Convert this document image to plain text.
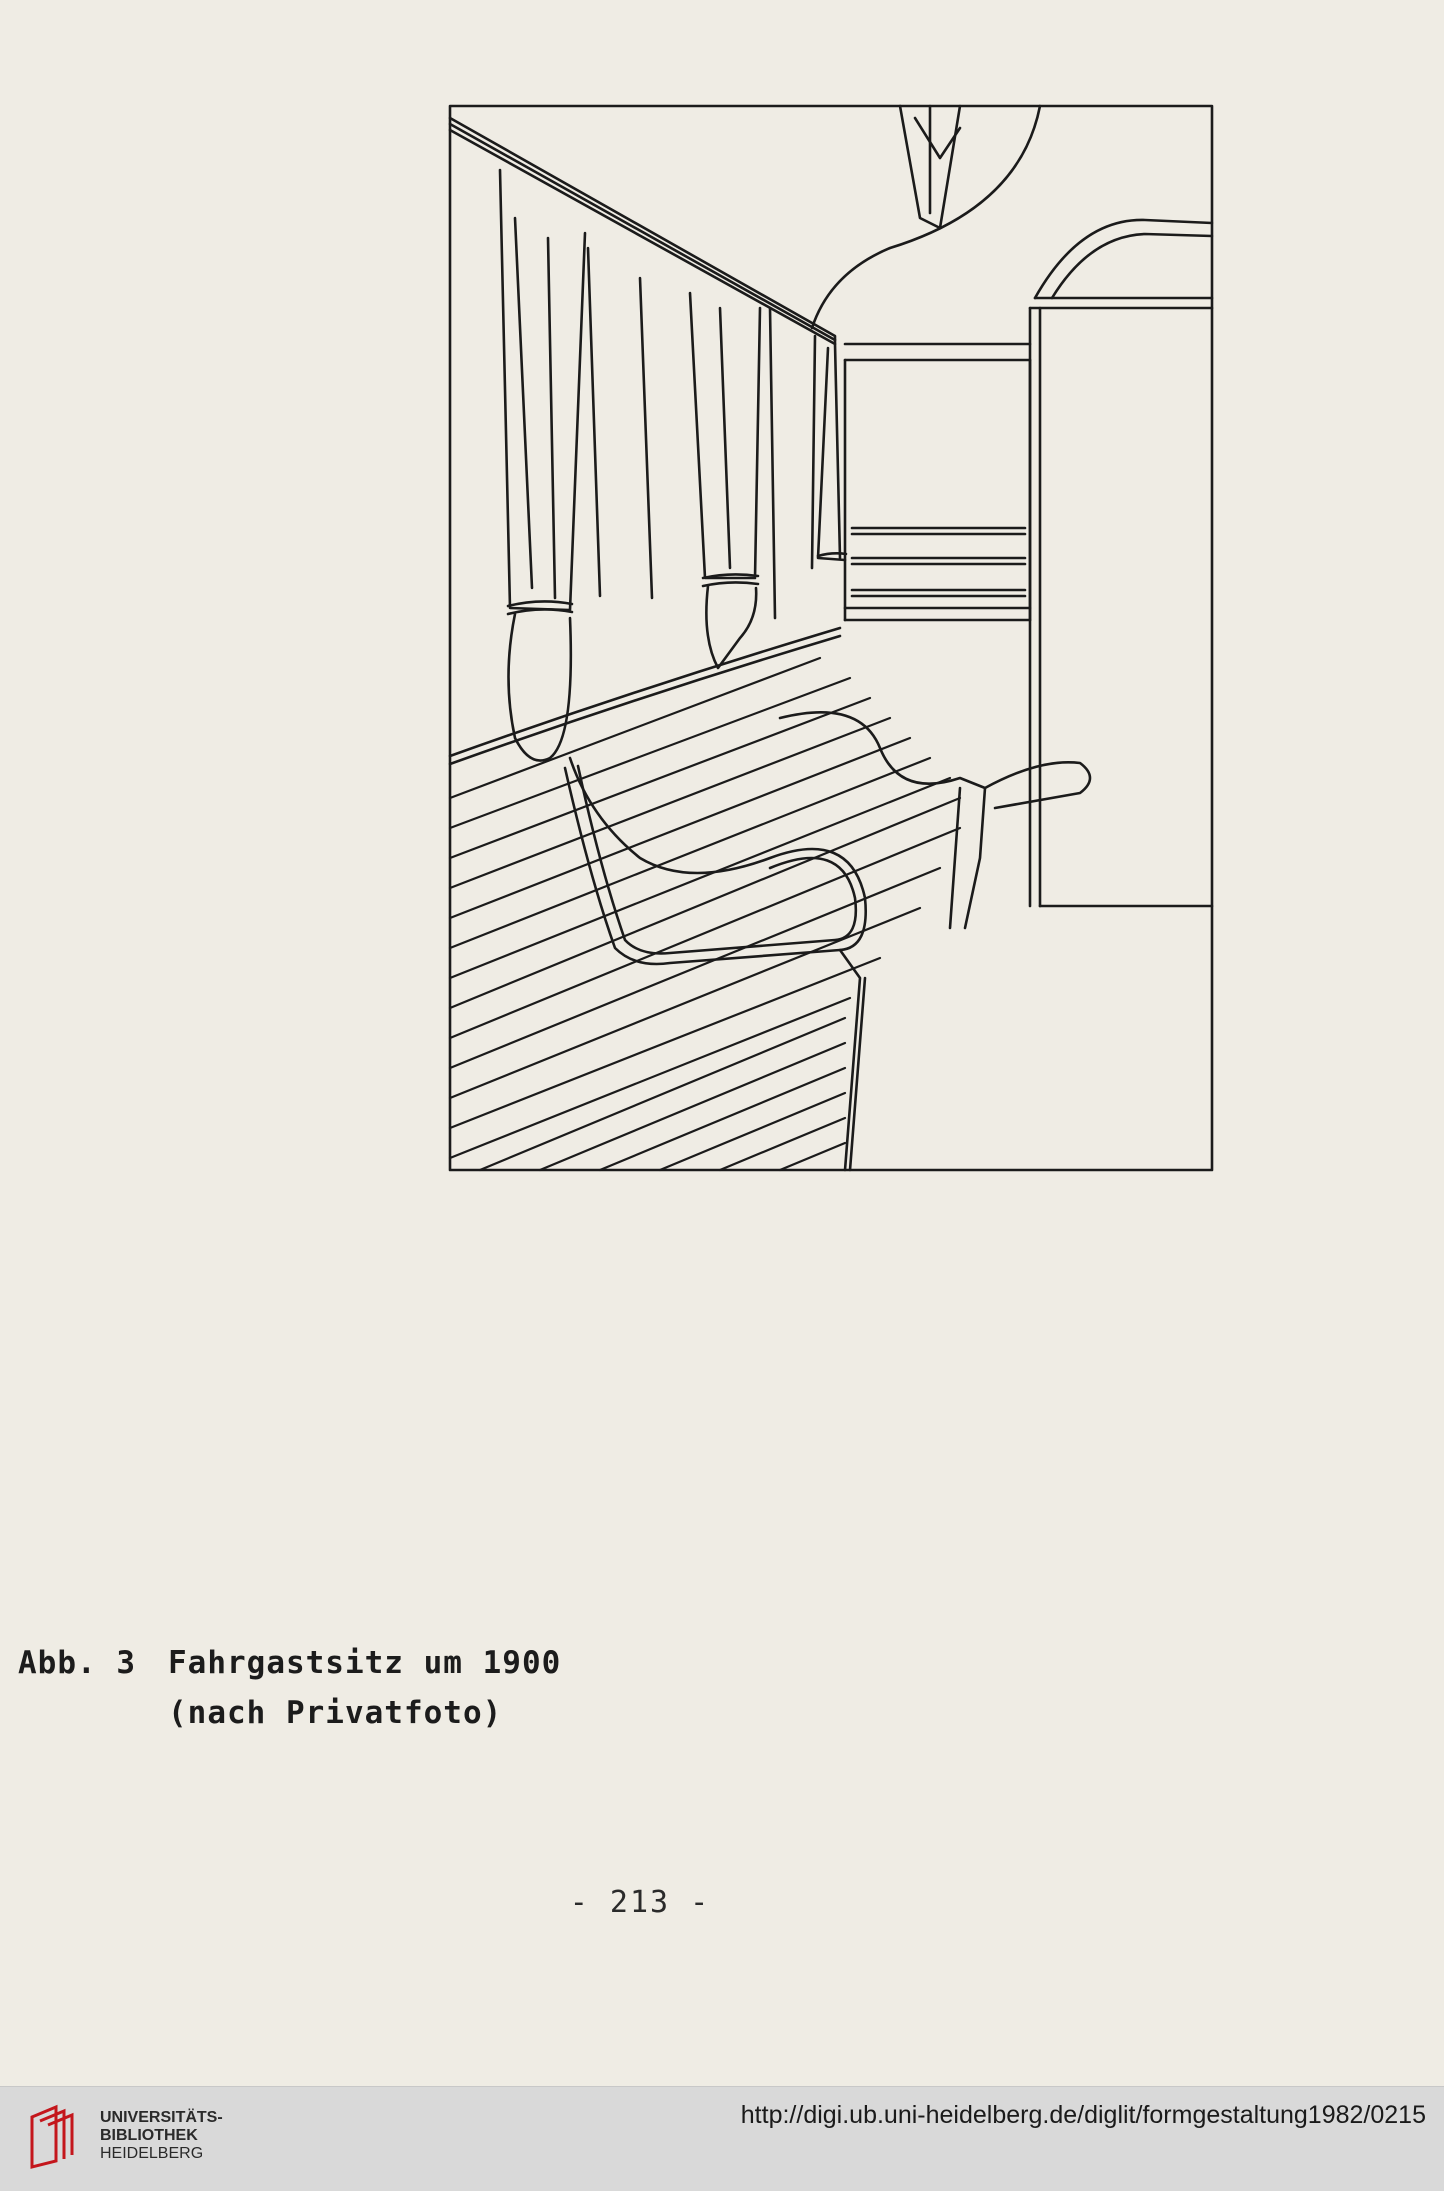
Abb. 3	Fahrgastsitz um 1900
(nach Privatfoto)
- 213 -
UNIVERSITÄTS-
BIBLIOTHEK
HEIDELBERG
http://digi.ub.uni-heidelberg.de/diglit/formgestaltung1982/0215
